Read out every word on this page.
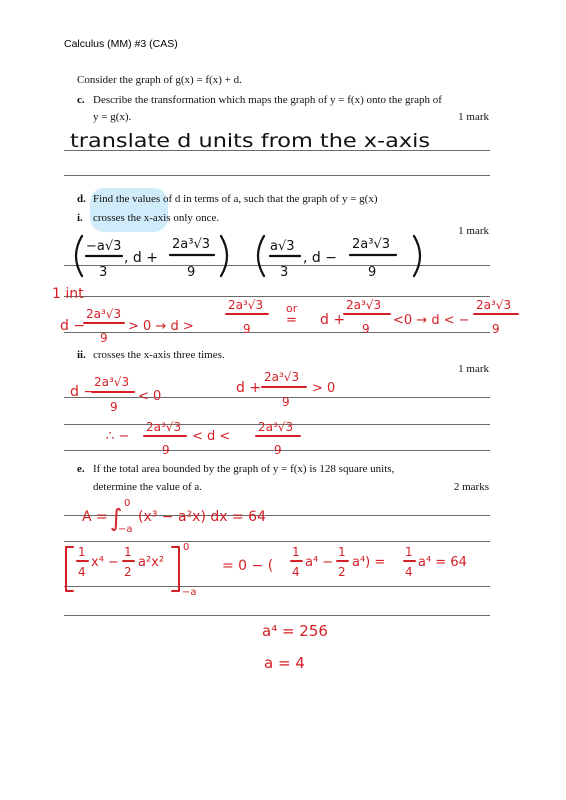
Calculus (MM) #3 (CAS)
Consider the graph of g(x) = f(x) + d.
c. Describe the transformation which maps the graph of y = f(x) onto the graph of
y = g(x).	1 mark
d. Find the values of d in terms of a, such that the graph of y = g(x)
i. crosses the x-axis only once.
1 mark
ii. crosses the x-axis three times.
1 mark
e. If the total area bounded by the graph of y = f(x) is 128 square units,
determine the value of a.	2 marks
translate d units from the x-axis
−a√3
3
, d +
2a³√3
9
a√3
3
, d −
2a³√3
9
1 int
d −
2a³√3
9
> 0 → d >
2a³√3
9
or
= d +
2a³√3
9
<0 → d < −
2a³√3
9
d −
2a³√3
9
< 0
d +
2a³√3
9
> 0
∴ −
2a³√3
9
< d <
2a³√3
9
A = ∫
0
−a
(x³ − a²x) dx = 64
1
4
x⁴ −
1
2
a²x²
0
−a
= 0 − (
1
4
a⁴ −
1
2
a⁴) =
1
4
a⁴ = 64
a⁴ = 256
a = 4
